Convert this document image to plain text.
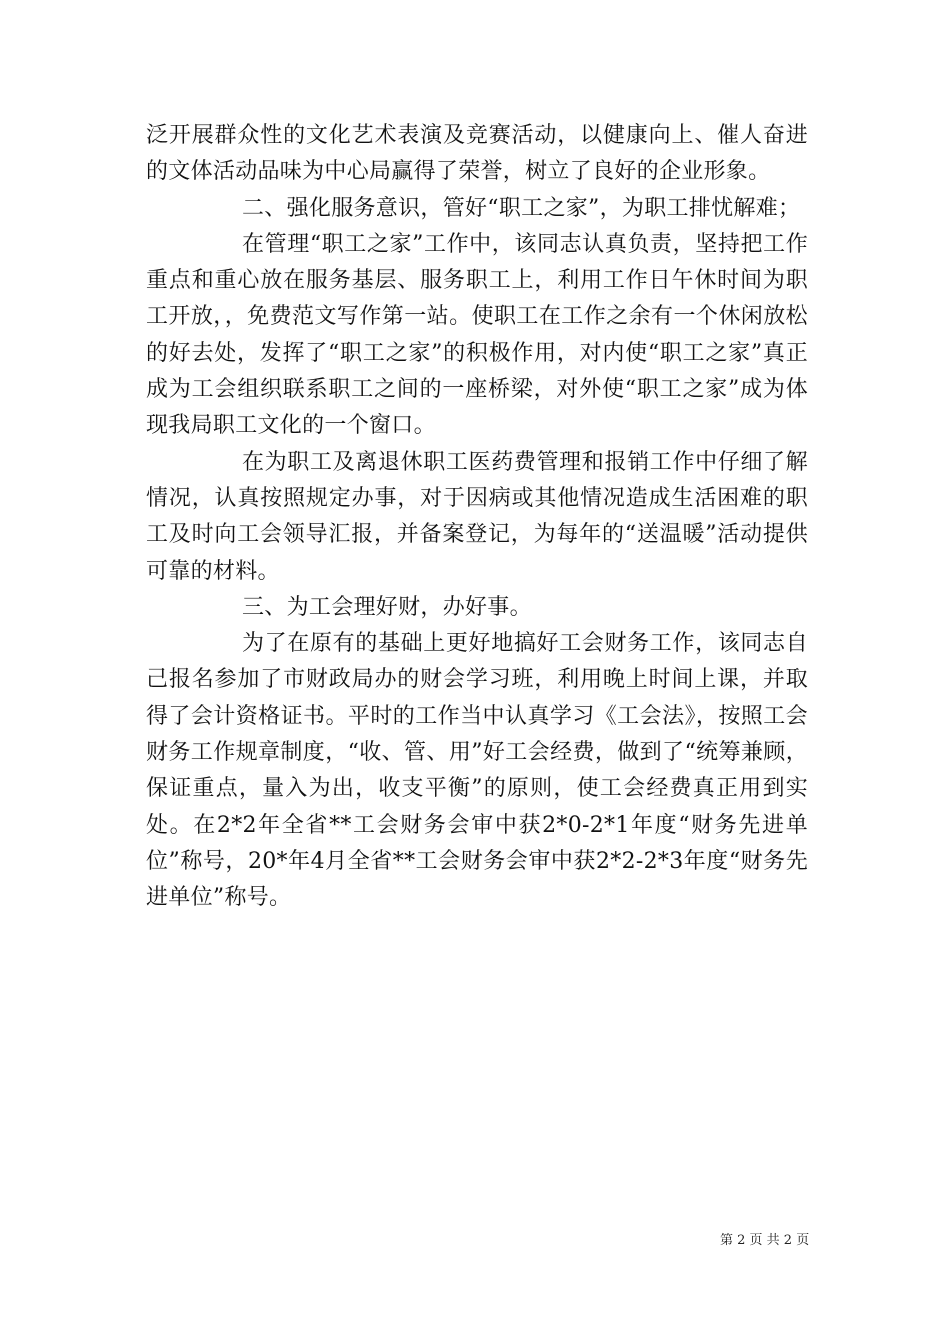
泛开展群众性的文化艺术表演及竞赛活动，以健康向上、催人奋进的文体活动品味为中心局赢得了荣誉，树立了良好的企业形象。

二、强化服务意识，管好“职工之家”，为职工排忧解难；

在管理“职工之家”工作中，该同志认真负责，坚持把工作重点和重心放在服务基层、服务职工上，利用工作日午休时间为职工开放，，免费范文写作第一站。使职工在工作之余有一个休闲放松的好去处，发挥了“职工之家”的积极作用，对内使“职工之家”真正成为工会组织联系职工之间的一座桥梁，对外使“职工之家”成为体现我局职工文化的一个窗口。

在为职工及离退休职工医药费管理和报销工作中仔细了解情况，认真按照规定办事，对于因病或其他情况造成生活困难的职工及时向工会领导汇报，并备案登记，为每年的“送温暖”活动提供可靠的材料。

三、为工会理好财，办好事。

为了在原有的基础上更好地搞好工会财务工作，该同志自己报名参加了市财政局办的财会学习班，利用晚上时间上课，并取得了会计资格证书。平时的工作当中认真学习《工会法》，按照工会财务工作规章制度，“收、管、用”好工会经费，做到了“统筹兼顾，保证重点，量入为出，收支平衡”的原则，使工会经费真正用到实处。在2*2年全省**工会财务会审中获2*0-2*1年度“财务先进单位”称号，20*年4月全省**工会财务会审中获2*2-2*3年度“财务先进单位”称号。

第 2 页 共 2 页
